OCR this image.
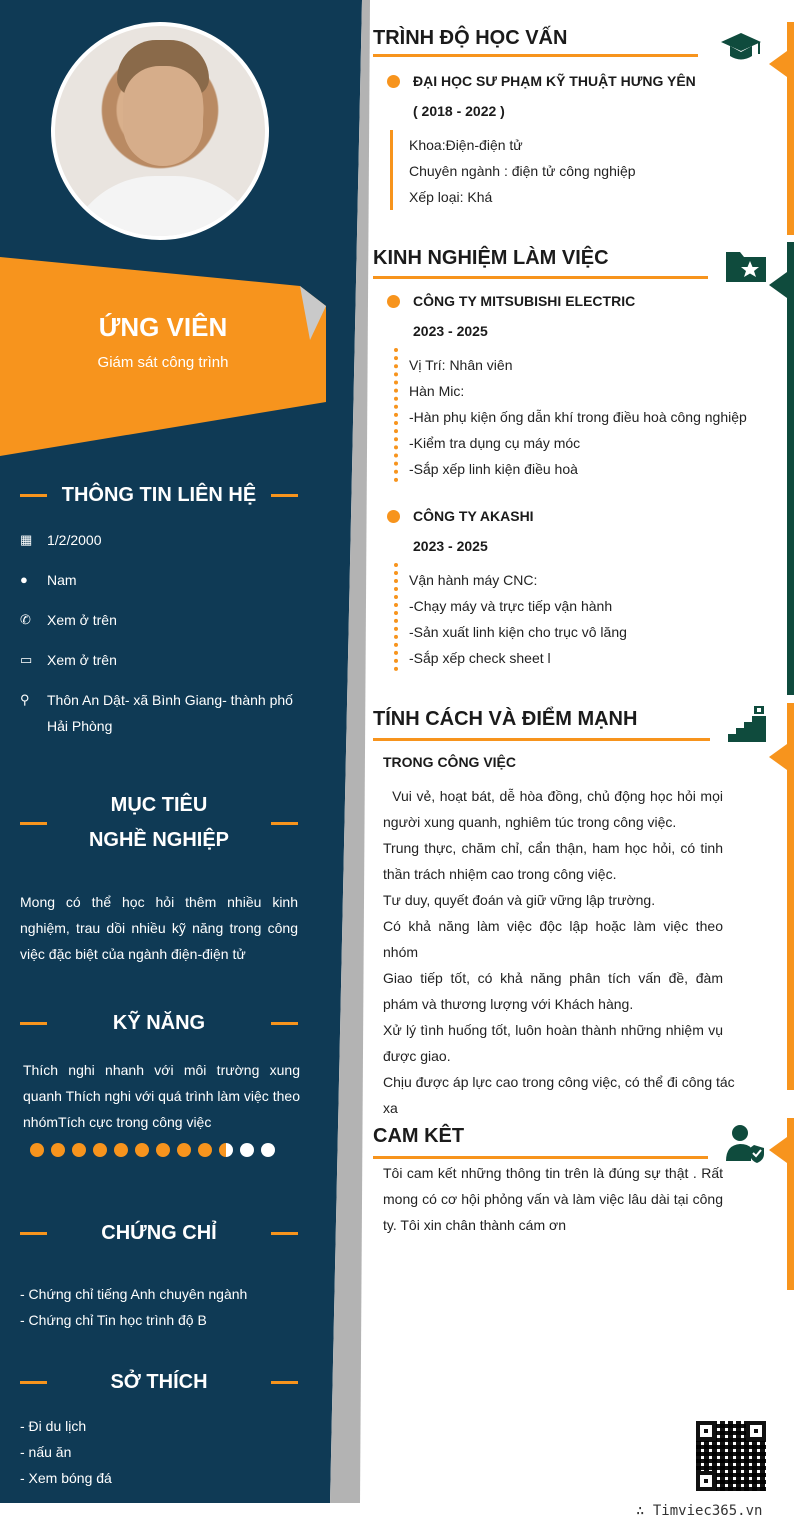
ỨNG VIÊN
Giám sát công trình
THÔNG TIN LIÊN HỆ
▦	1/2/2000
●	Nam
✆	Xem ở trên
▭	Xem ở trên
⚲	Thôn An Dật- xã Bình Giang- thành phố Hải Phòng
MỤC TIÊU NGHỀ NGHIỆP
Mong có thể học hỏi thêm nhiều kinh nghiệm, trau dồi nhiều kỹ năng trong công việc đặc biệt của ngành điện-điện tử
KỸ NĂNG
Thích nghi nhanh với môi trường xung quanh Thích nghi với quá trình làm việc theo nhómTích cực trong công việc
CHỨNG CHỈ
- Chứng chỉ tiếng Anh chuyên ngành
- Chứng chỉ Tin học trình độ B
SỞ THÍCH
- Đi du lịch
- nấu ăn
- Xem bóng đá
TRÌNH ĐỘ HỌC VẤN
ĐẠI HỌC SƯ PHẠM KỸ THUẬT HƯNG YÊN
( 2018 - 2022 )
Khoa:Điện-điện tử
Chuyên ngành : điện tử công nghiệp
Xếp loại: Khá
KINH NGHIỆM LÀM VIỆC
CÔNG TY MITSUBISHI ELECTRIC
2023 - 2025
Vị Trí: Nhân viên
Hàn Mic:
-Hàn phụ kiện ống dẫn khí trong điều hoà công nghiệp
-Kiểm tra dụng cụ máy móc
-Sắp xếp linh kiện điều hoà
CÔNG TY AKASHI
2023 - 2025
Vận hành máy CNC:
-Chạy máy và trực tiếp vận hành
-Sản xuất linh kiện cho trục vô lăng
-Sắp xếp check sheet l
TÍNH CÁCH VÀ ĐIỂM MẠNH
TRONG CÔNG VIỆC
Vui vẻ, hoạt bát, dễ hòa đồng, chủ động học hỏi mọi người xung quanh, nghiêm túc trong công việc.
Trung thực, chăm chỉ, cẩn thận, ham học hỏi, có tinh thần trách nhiệm cao trong công việc.
Tư duy, quyết đoán và giữ vững lập trường.
Có khả năng làm việc độc lập hoặc làm việc theo nhóm
Giao tiếp tốt, có khả năng phân tích vấn đề, đàm phám và thương lượng với Khách hàng.
Xử lý tình huống tốt, luôn hoàn thành những nhiệm vụ được giao.
Chịu được áp lực cao trong công việc, có thể đi công tác xa
CAM KÊT
Tôi cam kết những thông tin trên là đúng sự thật . Rất mong có cơ hội phỏng vấn và làm việc lâu dài tại công ty. Tôi xin chân thành cám ơn
∴ Timviec365.vn
